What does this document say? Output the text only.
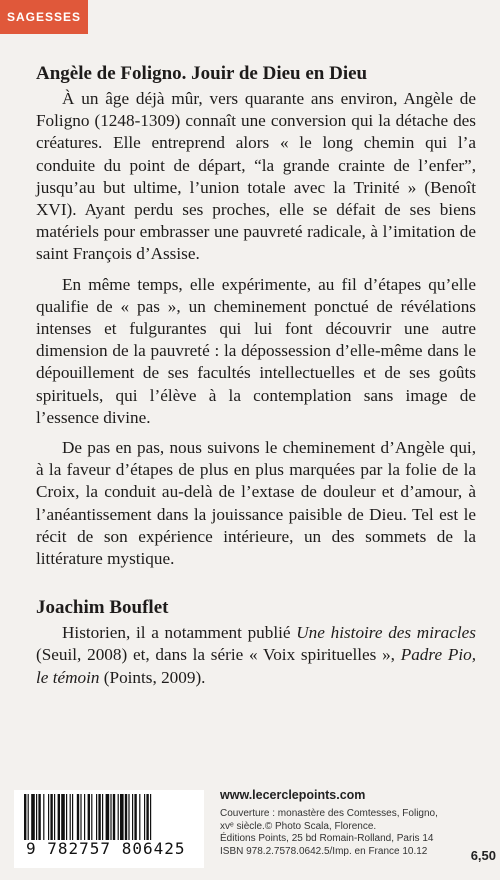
SAGESSES
Angèle de Foligno. Jouir de Dieu en Dieu

À un âge déjà mûr, vers quarante ans environ, Angèle de Foligno (1248-1309) connaît une conversion qui la détache des créatures. Elle entreprend alors « le long chemin qui l’a conduite du point de départ, “la grande crainte de l’enfer”, jusqu’au but ultime, l’union totale avec la Trinité » (Benoît XVI). Ayant perdu ses proches, elle se défait de ses biens matériels pour embrasser une pauvreté radicale, à l’imitation de saint François d’Assise.

En même temps, elle expérimente, au fil d’étapes qu’elle qualifie de « pas », un cheminement ponctué de révélations intenses et fulgurantes qui lui font découvrir une autre dimension de la pauvreté : la dépossession d’elle-même dans le dépouillement de ses facultés intellectuelles et de ses goûts spirituels, qui l’élève à la contemplation sans image de l’essence divine.

De pas en pas, nous suivons le cheminement d’Angèle qui, à la faveur d’étapes de plus en plus marquées par la folie de la Croix, la conduit au-delà de l’extase de douleur et d’amour, à l’anéantissement dans la jouissance paisible de Dieu. Tel est le récit de son expérience intérieure, un des sommets de la littérature mystique.

Joachim Bouflet

Historien, il a notamment publié Une histoire des miracles (Seuil, 2008) et, dans la série « Voix spirituelles », Padre Pio, le témoin (Points, 2009).

9 782757 806425
www.lecerclepoints.com

Couverture : monastère des Comtesses, Foligno,

xvᵉ siècle.© Photo Scala, Florence.

Éditions Points, 25 bd Romain-Rolland, Paris 14

ISBN 978.2.7578.0642.5/Imp. en France 10.12	6,50
